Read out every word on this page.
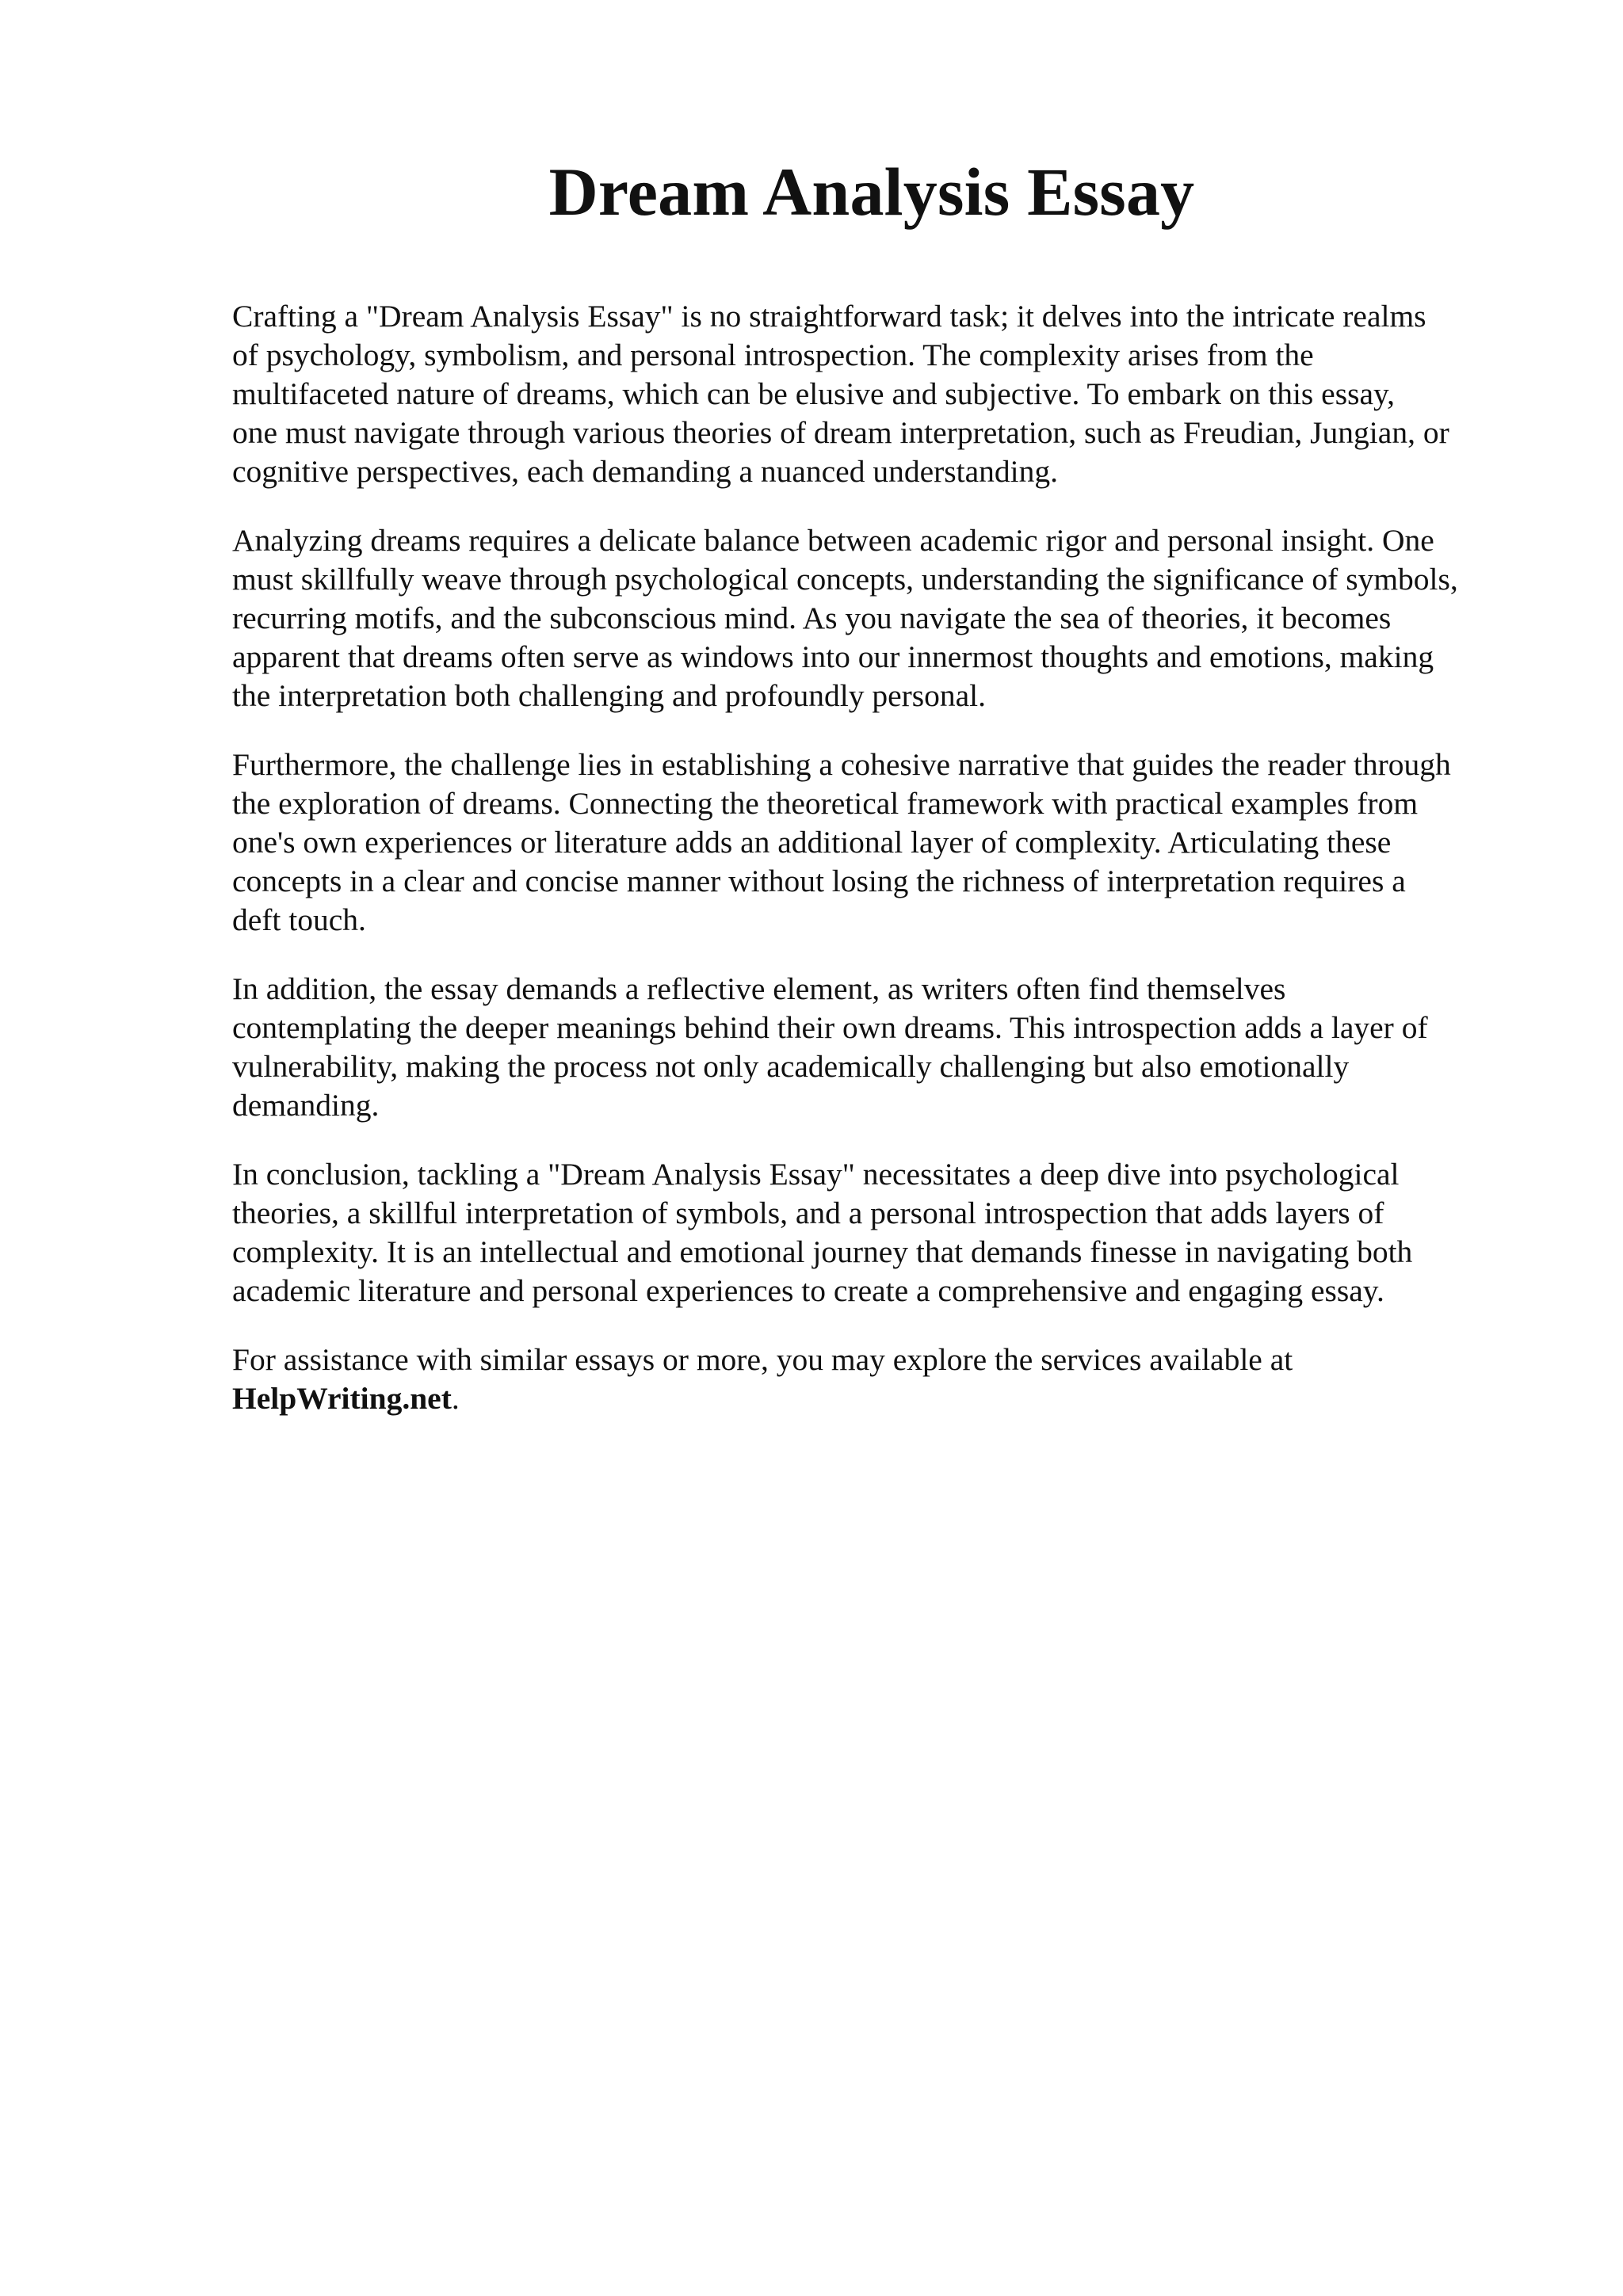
Dream Analysis Essay

Crafting a "Dream Analysis Essay" is no straightforward task; it delves into the intricate realms
of psychology, symbolism, and personal introspection. The complexity arises from the
multifaceted nature of dreams, which can be elusive and subjective. To embark on this essay,
one must navigate through various theories of dream interpretation, such as Freudian, Jungian, or
cognitive perspectives, each demanding a nuanced understanding.

Analyzing dreams requires a delicate balance between academic rigor and personal insight. One
must skillfully weave through psychological concepts, understanding the significance of symbols,
recurring motifs, and the subconscious mind. As you navigate the sea of theories, it becomes
apparent that dreams often serve as windows into our innermost thoughts and emotions, making
the interpretation both challenging and profoundly personal.

Furthermore, the challenge lies in establishing a cohesive narrative that guides the reader through
the exploration of dreams. Connecting the theoretical framework with practical examples from
one's own experiences or literature adds an additional layer of complexity. Articulating these
concepts in a clear and concise manner without losing the richness of interpretation requires a
deft touch.

In addition, the essay demands a reflective element, as writers often find themselves
contemplating the deeper meanings behind their own dreams. This introspection adds a layer of
vulnerability, making the process not only academically challenging but also emotionally
demanding.

In conclusion, tackling a "Dream Analysis Essay" necessitates a deep dive into psychological
theories, a skillful interpretation of symbols, and a personal introspection that adds layers of
complexity. It is an intellectual and emotional journey that demands finesse in navigating both
academic literature and personal experiences to create a comprehensive and engaging essay.

For assistance with similar essays or more, you may explore the services available at
HelpWriting.net.
